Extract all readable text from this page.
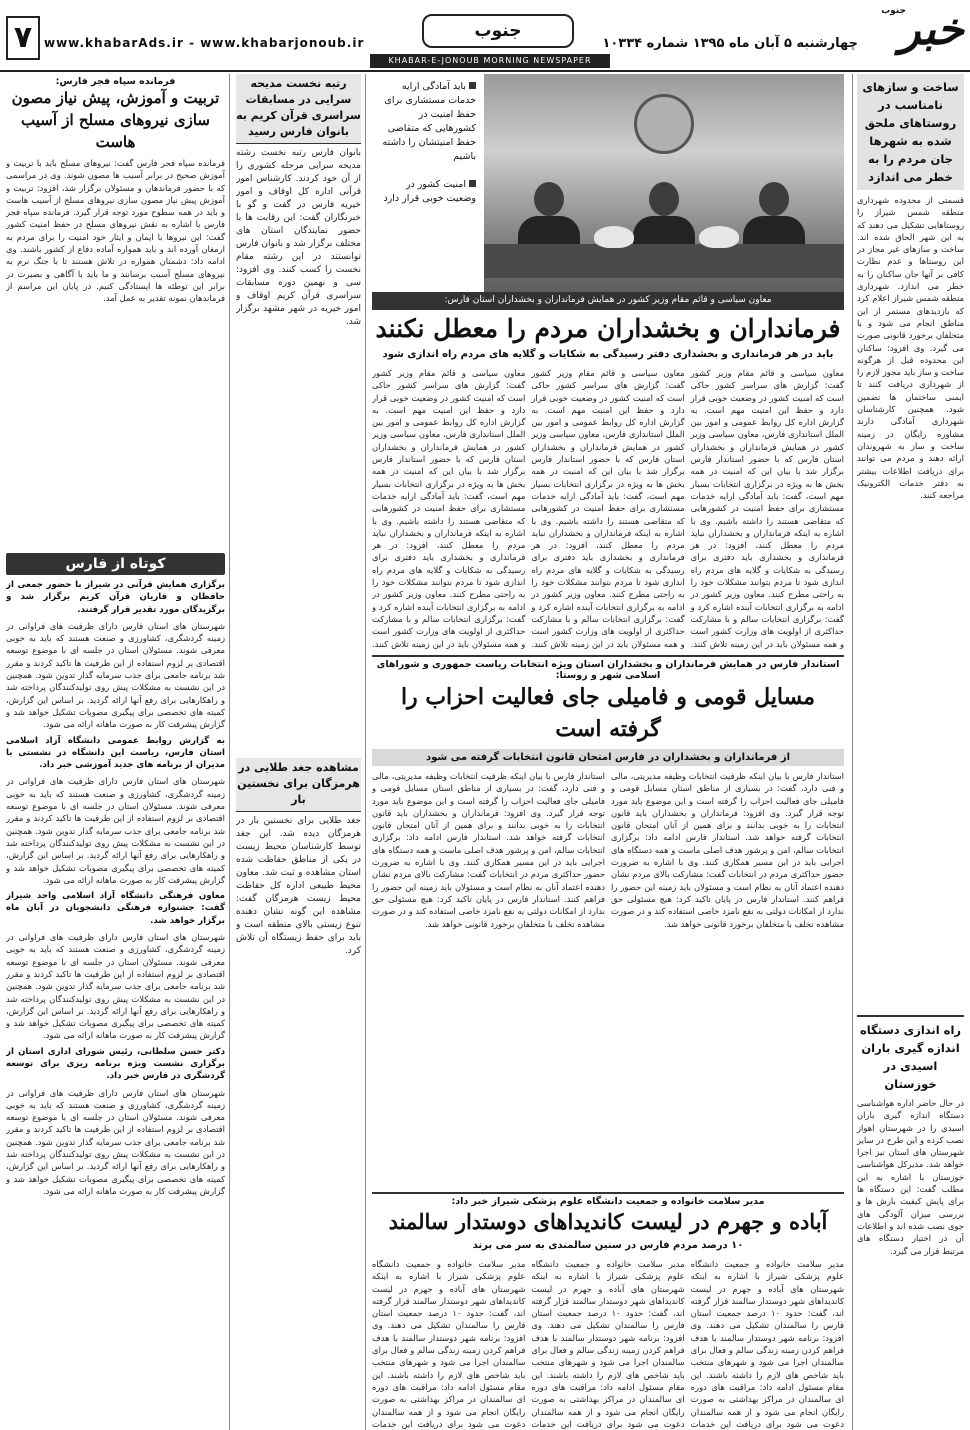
خبر
جنوب
چهارشنبه ۵ آبان ماه ۱۳۹۵ شماره ۱۰۳۳۴
جنوب
www.khabarAds.ir - www.khabarjonoub.ir
۷
KHABAR-E-JONOUB MORNING NEWSPAPER
ساخت و سازهای نامناسب در روستاهای ملحق شده به شهرها جان مردم را به خطر می اندازد
قسمتی از محدوده شهرداری منطقه شمس شیراز را روستاهایی تشکیل می دهند که به این شهر الحاق شده اند. ساخت و سازهای غیر مجاز در این روستاها و عدم نظارت کافی بر آنها جان ساکنان را به خطر می اندازد. شهرداری منطقه شمس شیراز اعلام کرد که بازدیدهای مستمر از این مناطق انجام می شود و با متخلفان برخورد قانونی صورت می گیرد. وی افزود: ساکنان این محدوده قبل از هرگونه ساخت و ساز باید مجوز لازم را از شهرداری دریافت کنند تا ایمنی ساختمان ها تضمین شود. همچنین کارشناسان شهرداری آمادگی دارند مشاوره رایگان در زمینه ساخت و ساز به شهروندان ارائه دهند و مردم می توانند برای دریافت اطلاعات بیشتر به دفتر خدمات الکترونیک مراجعه کنند.
راه اندازی دستگاه اندازه گیری باران اسیدی در خوزستان
در حال حاضر اداره هواشناسی دستگاه اندازه گیری باران اسیدی را در شهرستان اهواز نصب کرده و این طرح در سایر شهرستان های استان نیز اجرا خواهد شد. مدیرکل هواشناسی خوزستان با اشاره به این مطلب گفت: این دستگاه ها برای پایش کیفیت بارش ها و بررسی میزان آلودگی های جوی نصب شده اند و اطلاعات آن در اختیار دستگاه های مرتبط قرار می گیرد.
باید آمادگی ارایه خدمات مستشاری برای حفظ امنیت در کشورهایی که متقاضی حفظ امنیتشان را داشته باشیم
امنیت کشور در وضعیت خوبی قرار دارد
معاون سیاسی و قائم مقام وزیر کشور در همایش فرمانداران و بخشداران استان فارس:
فرمانداران و بخشداران مردم را معطل نکنند
باید در هر فرمانداری و بخشداری دفتر رسیدگی به شکایات و گلایه های مردم راه اندازی شود
معاون سیاسی و قائم مقام وزیر کشور گفت: گزارش های سراسر کشور حاکی است که امنیت کشور در وضعیت خوبی قرار دارد و حفظ این امنیت مهم است. به گزارش اداره کل روابط عمومی و امور بین الملل استانداری فارس، معاون سیاسی وزیر کشور در همایش فرمانداران و بخشداران استان فارس که با حضور استاندار فارس برگزار شد با بیان این که امنیت در همه بخش ها به ویژه در برگزاری انتخابات بسیار مهم است، گفت: باید آمادگی ارایه خدمات مستشاری برای حفظ امنیت در کشورهایی که متقاضی هستند را داشته باشیم. وی با اشاره به اینکه فرمانداران و بخشداران نباید مردم را معطل کنند، افزود: در هر فرمانداری و بخشداری باید دفتری برای رسیدگی به شکایات و گلایه های مردم راه اندازی شود تا مردم بتوانند مشکلات خود را به راحتی مطرح کنند. معاون وزیر کشور در ادامه به برگزاری انتخابات آینده اشاره کرد و گفت: برگزاری انتخابات سالم و با مشارکت حداکثری از اولویت های وزارت کشور است و همه مسئولان باید در این زمینه تلاش کنند.
معاون سیاسی و قائم مقام وزیر کشور گفت: گزارش های سراسر کشور حاکی است که امنیت کشور در وضعیت خوبی قرار دارد و حفظ این امنیت مهم است. به گزارش اداره کل روابط عمومی و امور بین الملل استانداری فارس، معاون سیاسی وزیر کشور در همایش فرمانداران و بخشداران استان فارس که با حضور استاندار فارس برگزار شد با بیان این که امنیت در همه بخش ها به ویژه در برگزاری انتخابات بسیار مهم است، گفت: باید آمادگی ارایه خدمات مستشاری برای حفظ امنیت در کشورهایی که متقاضی هستند را داشته باشیم. وی با اشاره به اینکه فرمانداران و بخشداران نباید مردم را معطل کنند، افزود: در هر فرمانداری و بخشداری باید دفتری برای رسیدگی به شکایات و گلایه های مردم راه اندازی شود تا مردم بتوانند مشکلات خود را به راحتی مطرح کنند. معاون وزیر کشور در ادامه به برگزاری انتخابات آینده اشاره کرد و گفت: برگزاری انتخابات سالم و با مشارکت حداکثری از اولویت های وزارت کشور است و همه مسئولان باید در این زمینه تلاش کنند.
معاون سیاسی و قائم مقام وزیر کشور گفت: گزارش های سراسر کشور حاکی است که امنیت کشور در وضعیت خوبی قرار دارد و حفظ این امنیت مهم است. به گزارش اداره کل روابط عمومی و امور بین الملل استانداری فارس، معاون سیاسی وزیر کشور در همایش فرمانداران و بخشداران استان فارس که با حضور استاندار فارس برگزار شد با بیان این که امنیت در همه بخش ها به ویژه در برگزاری انتخابات بسیار مهم است، گفت: باید آمادگی ارایه خدمات مستشاری برای حفظ امنیت در کشورهایی که متقاضی هستند را داشته باشیم. وی با اشاره به اینکه فرمانداران و بخشداران نباید مردم را معطل کنند، افزود: در هر فرمانداری و بخشداری باید دفتری برای رسیدگی به شکایات و گلایه های مردم راه اندازی شود تا مردم بتوانند مشکلات خود را به راحتی مطرح کنند. معاون وزیر کشور در ادامه به برگزاری انتخابات آینده اشاره کرد و گفت: برگزاری انتخابات سالم و با مشارکت حداکثری از اولویت های وزارت کشور است و همه مسئولان باید در این زمینه تلاش کنند.
استاندار فارس در همایش فرمانداران و بخشداران استان ویژه انتخابات ریاست جمهوری و شوراهای اسلامی شهر و روستا:
مسایل قومی و فامیلی جای فعالیت احزاب را گرفته است
از فرمانداران و بخشداران در فارس امتحان قانون انتخابات گرفته می شود
استاندار فارس با بیان اینکه ظرفیت انتخابات وظیفه مدیریتی، مالی و فنی دارد، گفت: در بسیاری از مناطق استان مسایل قومی و فامیلی جای فعالیت احزاب را گرفته است و این موضوع باید مورد توجه قرار گیرد. وی افزود: فرمانداران و بخشداران باید قانون انتخابات را به خوبی بدانند و برای همین از آنان امتحان قانون انتخابات گرفته خواهد شد. استاندار فارس ادامه داد: برگزاری انتخابات سالم، امن و پرشور هدف اصلی ماست و همه دستگاه های اجرایی باید در این مسیر همکاری کنند. وی با اشاره به ضرورت حضور حداکثری مردم در انتخابات گفت: مشارکت بالای مردم نشان دهنده اعتماد آنان به نظام است و مسئولان باید زمینه این حضور را فراهم کنند. استاندار فارس در پایان تاکید کرد: هیچ مسئولی حق ندارد از امکانات دولتی به نفع نامزد خاصی استفاده کند و در صورت مشاهده تخلف با متخلفان برخورد قانونی خواهد شد.
استاندار فارس با بیان اینکه ظرفیت انتخابات وظیفه مدیریتی، مالی و فنی دارد، گفت: در بسیاری از مناطق استان مسایل قومی و فامیلی جای فعالیت احزاب را گرفته است و این موضوع باید مورد توجه قرار گیرد. وی افزود: فرمانداران و بخشداران باید قانون انتخابات را به خوبی بدانند و برای همین از آنان امتحان قانون انتخابات گرفته خواهد شد. استاندار فارس ادامه داد: برگزاری انتخابات سالم، امن و پرشور هدف اصلی ماست و همه دستگاه های اجرایی باید در این مسیر همکاری کنند. وی با اشاره به ضرورت حضور حداکثری مردم در انتخابات گفت: مشارکت بالای مردم نشان دهنده اعتماد آنان به نظام است و مسئولان باید زمینه این حضور را فراهم کنند. استاندار فارس در پایان تاکید کرد: هیچ مسئولی حق ندارد از امکانات دولتی به نفع نامزد خاصی استفاده کند و در صورت مشاهده تخلف با متخلفان برخورد قانونی خواهد شد.
مدیر سلامت خانواده و جمعیت دانشگاه علوم پزشکی شیراز خبر داد:
آباده و جهرم در لیست کاندیداهای دوستدار سالمند
۱۰ درصد مردم فارس در سنین سالمندی به سر می برند
مدیر سلامت خانواده و جمعیت دانشگاه علوم پزشکی شیراز با اشاره به اینکه شهرستان های آباده و جهرم در لیست کاندیداهای شهر دوستدار سالمند قرار گرفته اند، گفت: حدود ۱۰ درصد جمعیت استان فارس را سالمندان تشکیل می دهند. وی افزود: برنامه شهر دوستدار سالمند با هدف فراهم کردن زمینه زندگی سالم و فعال برای سالمندان اجرا می شود و شهرهای منتخب باید شاخص های لازم را داشته باشند. این مقام مسئول ادامه داد: مراقبت های دوره ای سالمندان در مراکز بهداشتی به صورت رایگان انجام می شود و از همه سالمندان دعوت می شود برای دریافت این خدمات
مدیر سلامت خانواده و جمعیت دانشگاه علوم پزشکی شیراز با اشاره به اینکه شهرستان های آباده و جهرم در لیست کاندیداهای شهر دوستدار سالمند قرار گرفته اند، گفت: حدود ۱۰ درصد جمعیت استان فارس را سالمندان تشکیل می دهند. وی افزود: برنامه شهر دوستدار سالمند با هدف فراهم کردن زمینه زندگی سالم و فعال برای سالمندان اجرا می شود و شهرهای منتخب باید شاخص های لازم را داشته باشند. این مقام مسئول ادامه داد: مراقبت های دوره ای سالمندان در مراکز بهداشتی به صورت رایگان انجام می شود و از همه سالمندان دعوت می شود برای دریافت این خدمات
مدیر سلامت خانواده و جمعیت دانشگاه علوم پزشکی شیراز با اشاره به اینکه شهرستان های آباده و جهرم در لیست کاندیداهای شهر دوستدار سالمند قرار گرفته اند، گفت: حدود ۱۰ درصد جمعیت استان فارس را سالمندان تشکیل می دهند. وی افزود: برنامه شهر دوستدار سالمند با هدف فراهم کردن زمینه زندگی سالم و فعال برای سالمندان اجرا می شود و شهرهای منتخب باید شاخص های لازم را داشته باشند. این مقام مسئول ادامه داد: مراقبت های دوره ای سالمندان در مراکز بهداشتی به صورت رایگان انجام می شود و از همه سالمندان دعوت می شود برای دریافت این خدمات
رتبه نخست مدیحه سرایی در مسابقات سراسری قرآن کریم به بانوان فارس رسید
بانوان فارس رتبه نخست رشته مدیحه سرایی مرحله کشوری را از آن خود کردند. کارشناس امور قرآنی اداره کل اوقاف و امور خیریه فارس در گفت و گو با خبرنگاران گفت: این رقابت ها با حضور نمایندگان استان های مختلف برگزار شد و بانوان فارس توانستند در این رشته مقام نخست را کسب کنند. وی افزود: سی و نهمین دوره مسابقات سراسری قرآن کریم اوقاف و امور خیریه در شهر مشهد برگزار شد.
مشاهده جغد طلایی در هرمزگان برای نخستین بار
جغد طلایی برای نخستین بار در هرمزگان دیده شد. این جغد توسط کارشناسان محیط زیست در یکی از مناطق حفاظت شده استان مشاهده و ثبت شد. معاون محیط طبیعی اداره کل حفاظت محیط زیست هرمزگان گفت: مشاهده این گونه نشان دهنده تنوع زیستی بالای منطقه است و باید برای حفظ زیستگاه آن تلاش کرد.
فرمانده سپاه فجر فارس:
تربیت و آموزش، پیش نیاز مصون سازی نیروهای مسلح از آسیب هاست
فرمانده سپاه فجر فارس گفت: نیروهای مسلح باید با تربیت و آموزش صحیح در برابر آسیب ها مصون شوند. وی در مراسمی که با حضور فرماندهان و مسئولان برگزار شد، افزود: تربیت و آموزش پیش نیاز مصون سازی نیروهای مسلح از آسیب هاست و باید در همه سطوح مورد توجه قرار گیرد. فرمانده سپاه فجر فارس با اشاره به نقش نیروهای مسلح در حفظ امنیت کشور گفت: این نیروها با ایمان و ایثار خود امنیت را برای مردم به ارمغان آورده اند و باید همواره آماده دفاع از کشور باشند. وی ادامه داد: دشمنان همواره در تلاش هستند تا با جنگ نرم به نیروهای مسلح آسیب برسانند و ما باید با آگاهی و بصیرت در برابر این توطئه ها ایستادگی کنیم. در پایان این مراسم از فرماندهان نمونه تقدیر به عمل آمد.
کوتاه از فارس
برگزاری همایش قرآنی در شیراز با حضور جمعی از حافظان و قاریان قرآن کریم برگزار شد و برگزیدگان مورد تقدیر قرار گرفتند.
شهرستان های استان فارس دارای ظرفیت های فراوانی در زمینه گردشگری، کشاورزی و صنعت هستند که باید به خوبی معرفی شوند. مسئولان استان در جلسه ای با موضوع توسعه اقتصادی بر لزوم استفاده از این ظرفیت ها تاکید کردند و مقرر شد برنامه جامعی برای جذب سرمایه گذار تدوین شود. همچنین در این نشست به مشکلات پیش روی تولیدکنندگان پرداخته شد و راهکارهایی برای رفع آنها ارائه گردید. بر اساس این گزارش، کمیته های تخصصی برای پیگیری مصوبات تشکیل خواهد شد و گزارش پیشرفت کار به صورت ماهانه ارائه می شود.
به گزارش روابط عمومی دانشگاه آزاد اسلامی استان فارس، ریاست این دانشگاه در نشستی با مدیران از برنامه های جدید آموزشی خبر داد.
شهرستان های استان فارس دارای ظرفیت های فراوانی در زمینه گردشگری، کشاورزی و صنعت هستند که باید به خوبی معرفی شوند. مسئولان استان در جلسه ای با موضوع توسعه اقتصادی بر لزوم استفاده از این ظرفیت ها تاکید کردند و مقرر شد برنامه جامعی برای جذب سرمایه گذار تدوین شود. همچنین در این نشست به مشکلات پیش روی تولیدکنندگان پرداخته شد و راهکارهایی برای رفع آنها ارائه گردید. بر اساس این گزارش، کمیته های تخصصی برای پیگیری مصوبات تشکیل خواهد شد و گزارش پیشرفت کار به صورت ماهانه ارائه می شود.
معاون فرهنگی دانشگاه آزاد اسلامی واحد شیراز گفت: جشنواره فرهنگی دانشجویان در آبان ماه برگزار خواهد شد.
شهرستان های استان فارس دارای ظرفیت های فراوانی در زمینه گردشگری، کشاورزی و صنعت هستند که باید به خوبی معرفی شوند. مسئولان استان در جلسه ای با موضوع توسعه اقتصادی بر لزوم استفاده از این ظرفیت ها تاکید کردند و مقرر شد برنامه جامعی برای جذب سرمایه گذار تدوین شود. همچنین در این نشست به مشکلات پیش روی تولیدکنندگان پرداخته شد و راهکارهایی برای رفع آنها ارائه گردید. بر اساس این گزارش، کمیته های تخصصی برای پیگیری مصوبات تشکیل خواهد شد و گزارش پیشرفت کار به صورت ماهانه ارائه می شود.
دکتر حسن سلطانی، رئیس شورای اداری استان از برگزاری نشست ویژه برنامه ریزی برای توسعه گردشگری در فارس خبر داد.
شهرستان های استان فارس دارای ظرفیت های فراوانی در زمینه گردشگری، کشاورزی و صنعت هستند که باید به خوبی معرفی شوند. مسئولان استان در جلسه ای با موضوع توسعه اقتصادی بر لزوم استفاده از این ظرفیت ها تاکید کردند و مقرر شد برنامه جامعی برای جذب سرمایه گذار تدوین شود. همچنین در این نشست به مشکلات پیش روی تولیدکنندگان پرداخته شد و راهکارهایی برای رفع آنها ارائه گردید. بر اساس این گزارش، کمیته های تخصصی برای پیگیری مصوبات تشکیل خواهد شد و گزارش پیشرفت کار به صورت ماهانه ارائه می شود.
